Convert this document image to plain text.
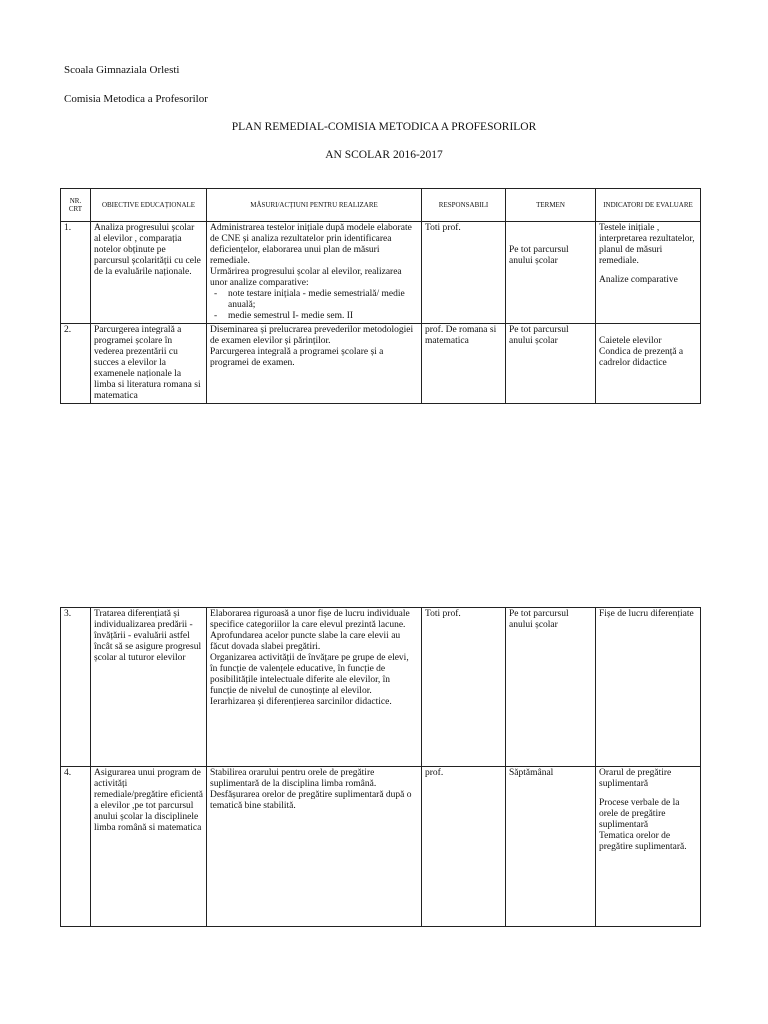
Scoala Gimnaziala Orlesti
Comisia Metodica a Profesorilor
PLAN REMEDIAL-COMISIA METODICA A PROFESORILOR
AN SCOLAR 2016-2017
NR. CRT	OBIECTIVE EDUCAȚIONALE	MĂSURI/ACȚIUNI PENTRU REALIZARE	RESPONSABILI	TERMEN	INDICATORI DE EVALUARE
1.	Analiza progresului școlar al elevilor , comparația notelor obținute pe parcursul școlarității cu cele de la evaluările naționale.	Administrarea testelor inițiale după modele elaborate de CNE și analiza rezultatelor prin identificarea deficiențelor, elaborarea unui plan de măsuri remediale.
Urmărirea progresului școlar al elevilor, realizarea unor analize comparative:
- note testare inițiala - medie semestrială/ medie anuală;
- medie semestrul I- medie sem. II	Toti prof.	Pe tot parcursul anului școlar	Testele inițiale , interpretarea rezultatelor, planul de măsuri remediale.
Analize comparative

2.	Parcurgerea integrală a programei școlare în vederea prezentării cu succes a elevilor la examenele naționale la limba si literatura romana si matematica	Diseminarea și prelucrarea prevederilor metodologiei de examen elevilor și părinților.
Parcurgerea integrală a programei școlare și a programei de examen.	prof. De romana si matematica	Pe tot parcursul anului școlar	Caietele elevilor
Condica de prezență a cadrelor didactice
3.	Tratarea diferențiată și individualizarea predării - învățării - evaluării astfel încât să se asigure progresul școlar al tuturor elevilor	Elaborarea riguroasă a unor fișe de lucru individuale specifice categoriilor la care elevul prezintă lacune.
Aprofundarea acelor puncte slabe la care elevii au făcut dovada slabei pregătiri.
Organizarea activității de învățare pe grupe de elevi, în funcție de valențele educative, în funcție de posibilitățile intelectuale diferite ale elevilor, în funcție de nivelul de cunoștințe al elevilor.
Ierarhizarea și diferențierea sarcinilor didactice.	Toti prof.	Pe tot parcursul anului școlar	Fișe de lucru diferențiate

4.	Asigurarea unui program de activități remediale/pregătire eficientă a elevilor ,pe tot parcursul anului școlar la disciplinele limba română si matematica	Stabilirea orarului pentru orele de pregătire suplimentară de la disciplina limba română.
Desfășurarea orelor de pregătire suplimentară după o tematică bine stabilită.	prof.	Săptămânal	Orarul de pregătire suplimentară
Procese verbale de la orele de pregătire suplimentară
Tematica orelor de pregătire suplimentară.
